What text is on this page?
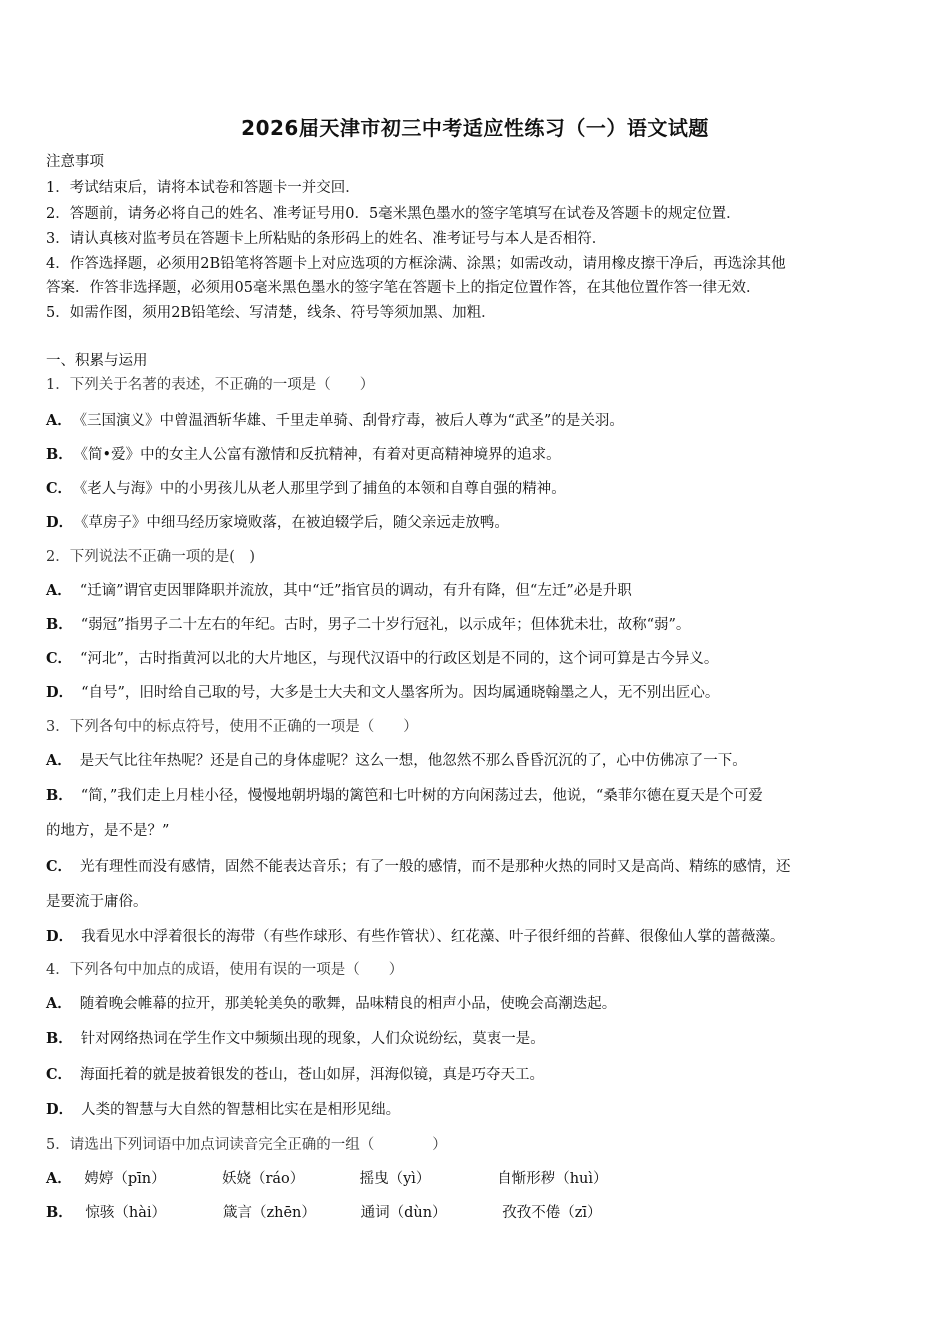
2026届天津市初三中考适应性练习（一）语文试题
注意事项
1．考试结束后，请将本试卷和答题卡一并交回．
2．答题前，请务必将自己的姓名、准考证号用0．5毫米黑色墨水的签字笔填写在试卷及答题卡的规定位置．
3．请认真核对监考员在答题卡上所粘贴的条形码上的姓名、准考证号与本人是否相符．
4．作答选择题，必须用2B铅笔将答题卡上对应选项的方框涂满、涂黑；如需改动，请用橡皮擦干净后，再选涂其他
答案．作答非选择题，必须用05毫米黑色墨水的签字笔在答题卡上的指定位置作答，在其他位置作答一律无效．
5．如需作图，须用2B铅笔绘、写清楚，线条、符号等须加黑、加粗．
一、积累与运用
1．下列关于名著的表述，不正确的一项是（　　）
A． 《三国演义》中曾温酒斩华雄、千里走单骑、刮骨疗毒，被后人尊为“武圣”的是关羽。
B． 《简•爱》中的女主人公富有激情和反抗精神，有着对更高精神境界的追求。
C． 《老人与海》中的小男孩儿从老人那里学到了捕鱼的本领和自尊自强的精神。
D． 《草房子》中细马经历家境败落，在被迫辍学后，随父亲远走放鸭。
2．下列说法不正确一项的是(　)
A． “迁谪”谓官吏因罪降职并流放，其中“迁”指官员的调动，有升有降，但“左迁”必是升职
B． “弱冠”指男子二十左右的年纪。古时，男子二十岁行冠礼，以示成年；但体犹未壮，故称“弱”。
C． “河北”，古时指黄河以北的大片地区，与现代汉语中的行政区划是不同的，这个词可算是古今异义。
D． “自号”，旧时给自己取的号，大多是士大夫和文人墨客所为。因均属通晓翰墨之人，无不别出匠心。
3．下列各句中的标点符号，使用不正确的一项是（　　）
A． 是天气比往年热呢？还是自己的身体虚呢？这么一想，他忽然不那么昏昏沉沉的了，心中仿佛凉了一下。
B． “简，”我们走上月桂小径，慢慢地朝坍塌的篱笆和七叶树的方向闲荡过去，他说，“桑菲尔德在夏天是个可爱
的地方，是不是？”
C． 光有理性而没有感情，固然不能表达音乐；有了一般的感情，而不是那种火热的同时又是高尚、精练的感情，还
是要流于庸俗。
D． 我看见水中浮着很长的海带（有些作球形、有些作管状）、红花藻、叶子很纤细的苔藓、很像仙人掌的蔷薇藻。
4．下列各句中加点的成语，使用有误的一项是（　　）
A． 随着晚会帷幕的拉开，那美轮美奂的歌舞，品味精良的相声小品，使晚会高潮迭起。
B． 针对网络热词在学生作文中频频出现的现象，人们众说纷纭，莫衷一是。
C． 海面托着的就是披着银发的苍山，苍山如屏，洱海似镜，真是巧夺天工。
D． 人类的智慧与大自然的智慧相比实在是相形见绌。
5．请选出下列词语中加点词读音完全正确的一组（　　　　）
A． 娉婷（pīn）	妖娆（ráo）	摇曳（yì）	自惭形秽（huì）
B． 惊骇（hài）	箴言（zhēn）	通词（dùn）	孜孜不倦（zī）
